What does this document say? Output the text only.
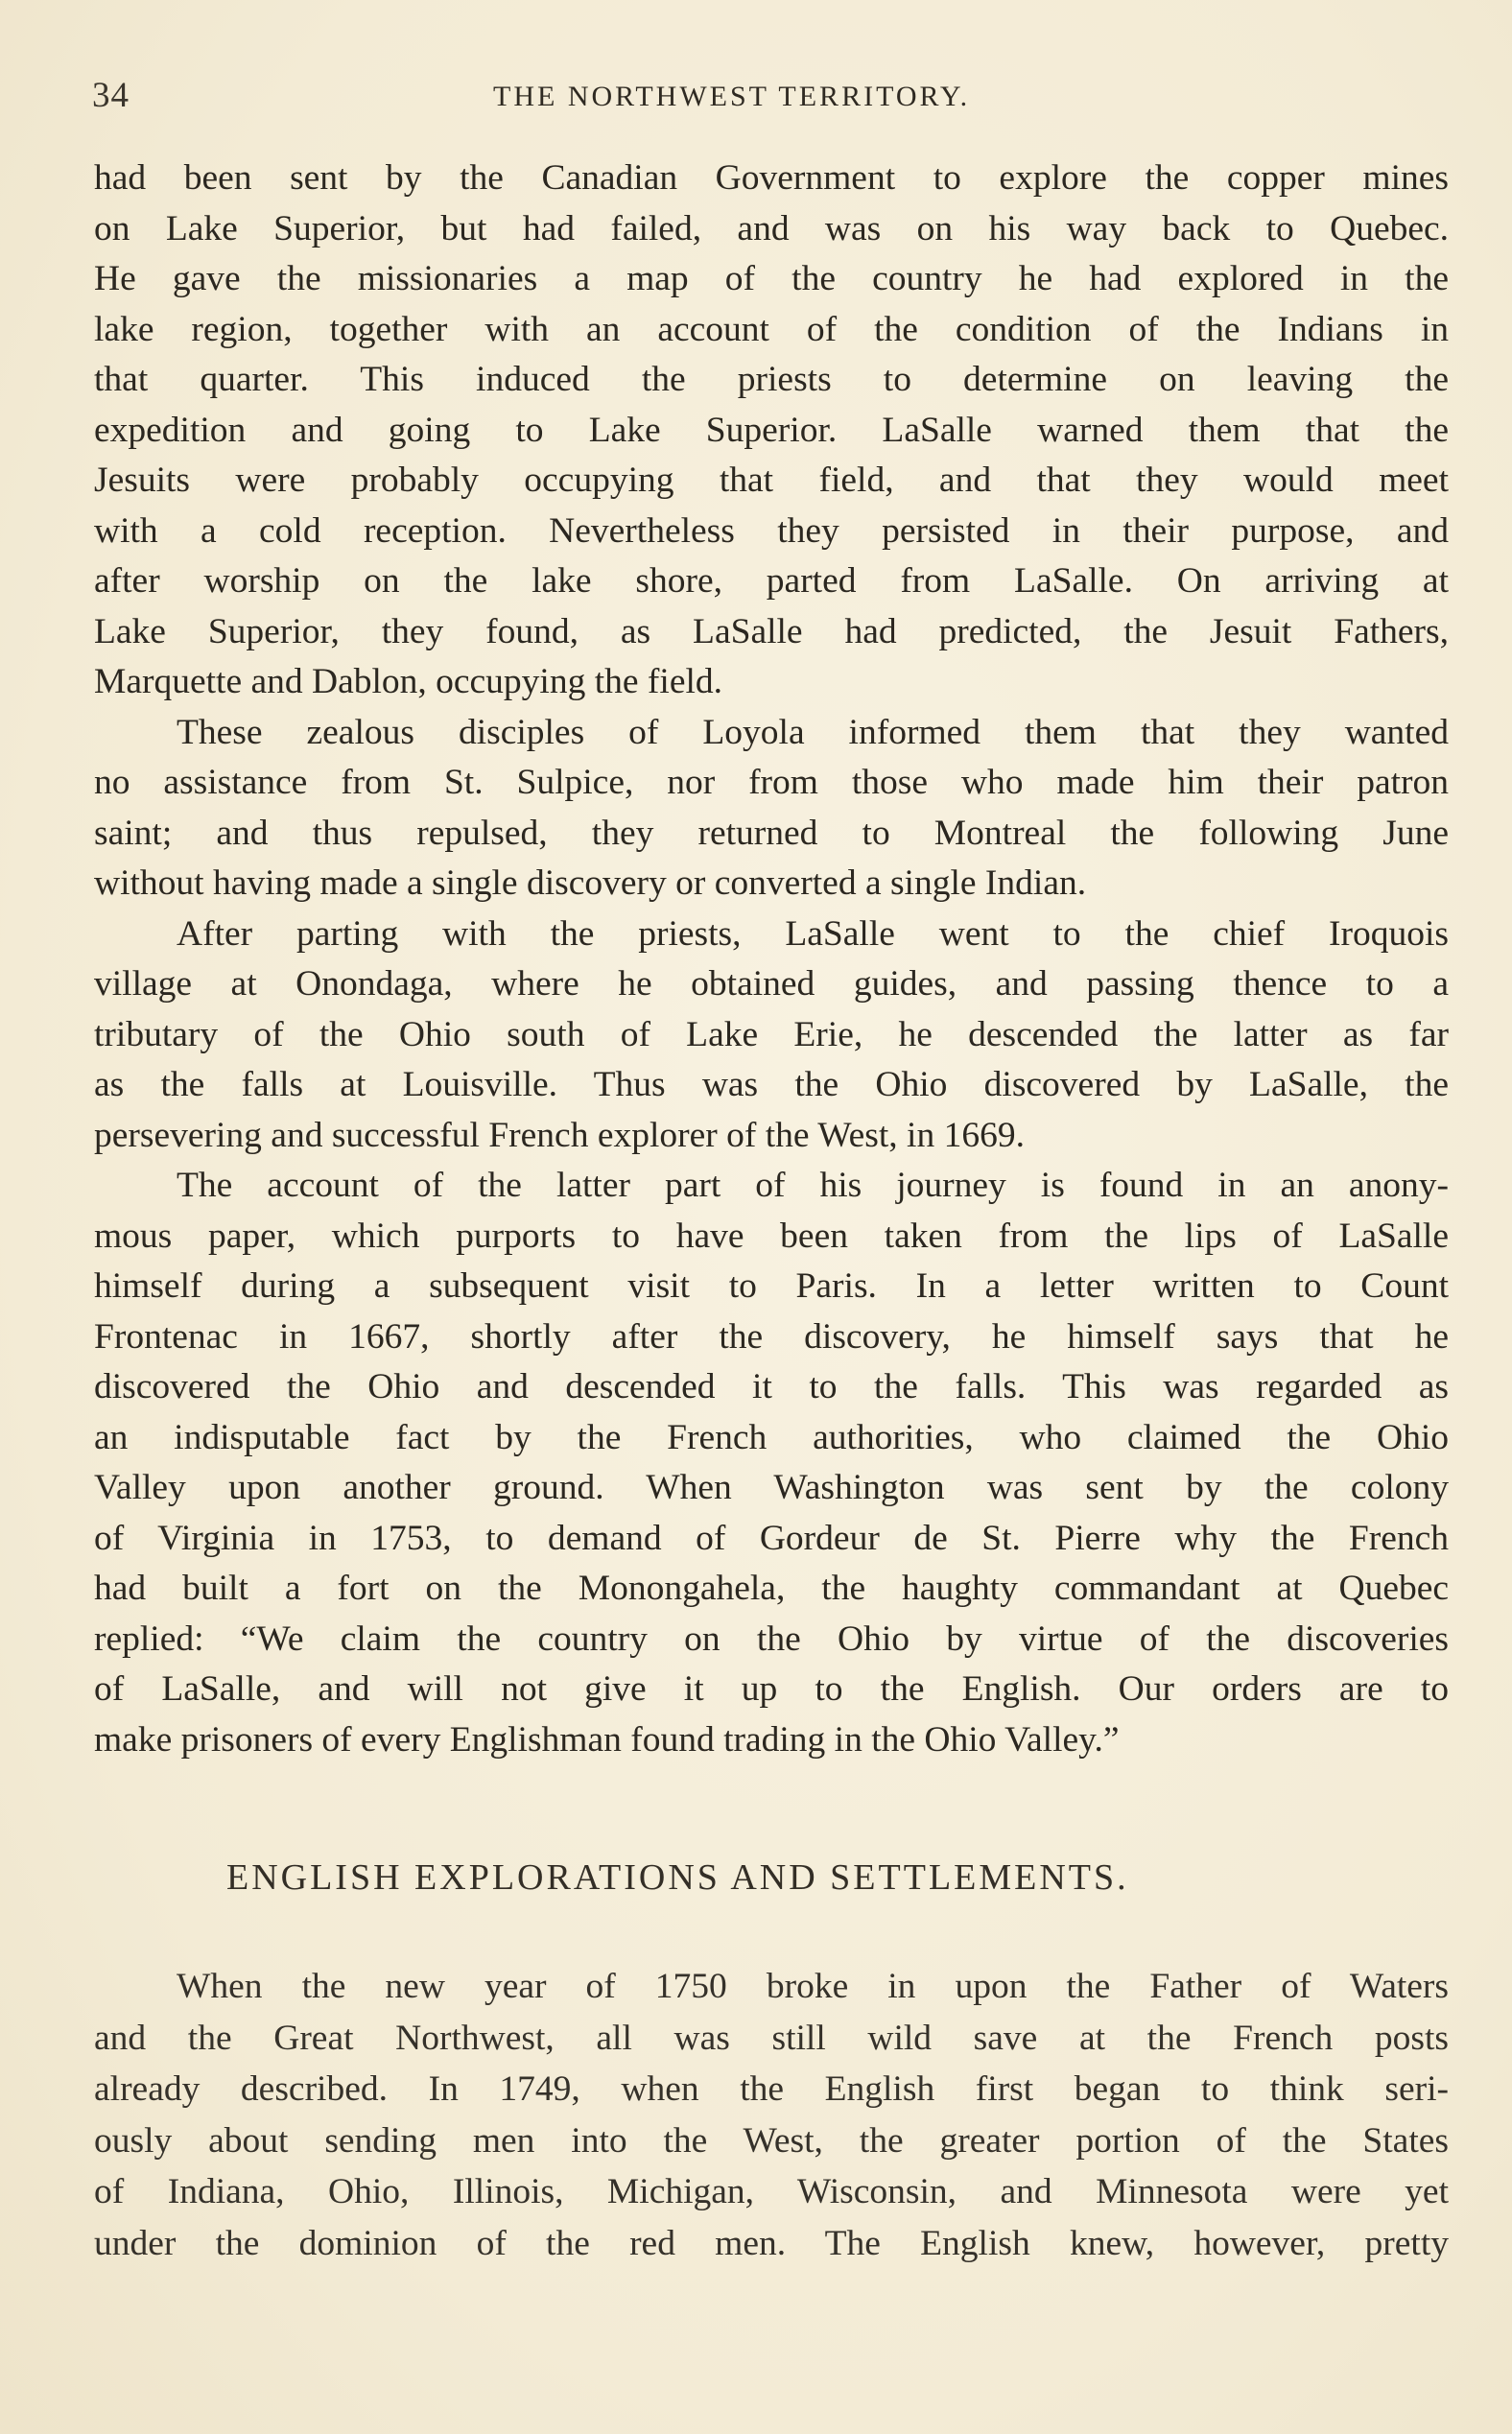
34	THE NORTHWEST TERRITORY.
had been sent by the Canadian Government to explore the copper mines
on Lake Superior, but had failed, and was on his way back to Quebec.
He gave the missionaries a map of the country he had explored in the
lake region, together with an account of the condition of the Indians in
that quarter. This induced the priests to determine on leaving the
expedition and going to Lake Superior. LaSalle warned them that the
Jesuits were probably occupying that field, and that they would meet
with a cold reception. Nevertheless they persisted in their purpose, and
after worship on the lake shore, parted from LaSalle. On arriving at
Lake Superior, they found, as LaSalle had predicted, the Jesuit Fathers,
Marquette and Dablon, occupying the field.
These zealous disciples of Loyola informed them that they wanted
no assistance from St. Sulpice, nor from those who made him their patron
saint; and thus repulsed, they returned to Montreal the following June
without having made a single discovery or converted a single Indian.
After parting with the priests, LaSalle went to the chief Iroquois
village at Onondaga, where he obtained guides, and passing thence to a
tributary of the Ohio south of Lake Erie, he descended the latter as far
as the falls at Louisville. Thus was the Ohio discovered by LaSalle, the
persevering and successful French explorer of the West, in 1669.
The account of the latter part of his journey is found in an anony-
mous paper, which purports to have been taken from the lips of LaSalle
himself during a subsequent visit to Paris. In a letter written to Count
Frontenac in 1667, shortly after the discovery, he himself says that he
discovered the Ohio and descended it to the falls. This was regarded as
an indisputable fact by the French authorities, who claimed the Ohio
Valley upon another ground. When Washington was sent by the colony
of Virginia in 1753, to demand of Gordeur de St. Pierre why the French
had built a fort on the Monongahela, the haughty commandant at Quebec
replied: “We claim the country on the Ohio by virtue of the discoveries
of LaSalle, and will not give it up to the English. Our orders are to
make prisoners of every Englishman found trading in the Ohio Valley.”
ENGLISH EXPLORATIONS AND SETTLEMENTS.
When the new year of 1750 broke in upon the Father of Waters
and the Great Northwest, all was still wild save at the French posts
already described. In 1749, when the English first began to think seri-
ously about sending men into the West, the greater portion of the States
of Indiana, Ohio, Illinois, Michigan, Wisconsin, and Minnesota were yet
under the dominion of the red men. The English knew, however, pretty
